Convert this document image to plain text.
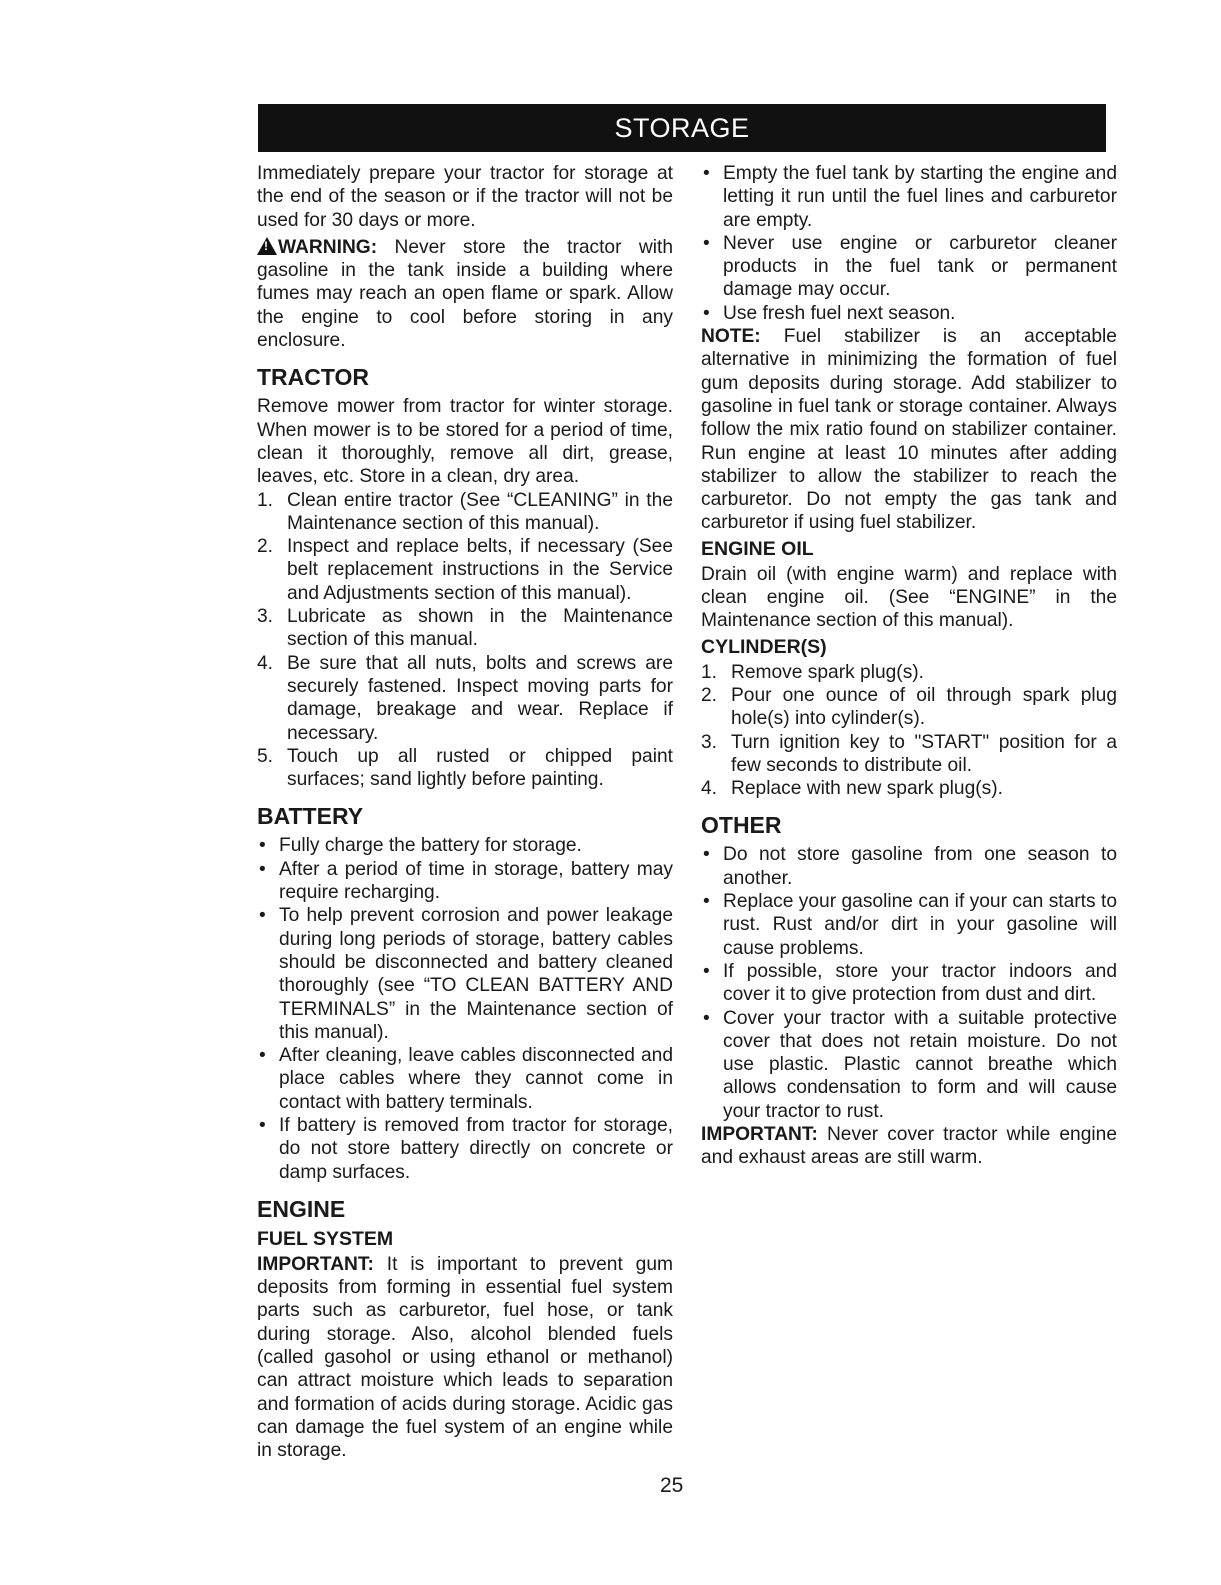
STORAGE

Immediately prepare your tractor for storage at the end of the season or if the tractor will not be used for 30 days or more.

!WARNING: Never store the tractor with gasoline in the tank inside a building where fumes may reach an open flame or spark. Allow the engine to cool before storing in any enclosure.

TRACTOR

Remove mower from tractor for winter storage. When mower is to be stored for a period of time, clean it thoroughly, remove all dirt, grease, leaves, etc. Store in a clean, dry area.

1. Clean entire tractor (See “CLEANING” in the Maintenance section of this manual).
2. Inspect and replace belts, if necessary (See belt replacement instructions in the Service and Adjustments section of this manual).
3. Lubricate as shown in the Maintenance section of this manual.
4. Be sure that all nuts, bolts and screws are securely fastened. Inspect moving parts for damage, breakage and wear. Replace if necessary.
5. Touch up all rusted or chipped paint surfaces; sand lightly before painting.
BATTERY
• Fully charge the battery for storage.
• After a period of time in storage, battery may require recharging.
• To help prevent corrosion and power leakage during long periods of storage, battery cables should be disconnected and battery cleaned thoroughly (see “TO CLEAN BATTERY AND TERMINALS” in the Maintenance section of this manual).
• After cleaning, leave cables disconnected and place cables where they cannot come in contact with battery terminals.
• If battery is removed from tractor for storage, do not store battery directly on concrete or damp surfaces.
ENGINE
FUEL SYSTEM

IMPORTANT: It is important to prevent gum deposits from forming in essential fuel system parts such as carburetor, fuel hose, or tank during storage. Also, alcohol blended fuels (called gasohol or using ethanol or methanol) can attract moisture which leads to separation and formation of acids during storage. Acidic gas can damage the fuel system of an engine while in storage.

• Empty the fuel tank by starting the engine and letting it run until the fuel lines and carburetor are empty.
• Never use engine or carburetor cleaner products in the fuel tank or permanent damage may occur.
• Use fresh fuel next season.

NOTE: Fuel stabilizer is an acceptable alternative in minimizing the formation of fuel gum deposits during storage. Add stabilizer to gasoline in fuel tank or storage container. Always follow the mix ratio found on stabilizer container. Run engine at least 10 minutes after adding stabilizer to allow the stabilizer to reach the carburetor. Do not empty the gas tank and carburetor if using fuel stabilizer.

ENGINE OIL

Drain oil (with engine warm) and replace with clean engine oil. (See “ENGINE” in the Maintenance section of this manual).

CYLINDER(S)
1. Remove spark plug(s).
2. Pour one ounce of oil through spark plug hole(s) into cylinder(s).
3. Turn ignition key to "START" position for a few seconds to distribute oil.
4. Replace with new spark plug(s).
OTHER
• Do not store gasoline from one season to another.
• Replace your gasoline can if your can starts to rust. Rust and/or dirt in your gasoline will cause problems.
• If possible, store your tractor indoors and cover it to give protection from dust and dirt.
• Cover your tractor with a suitable protective cover that does not retain moisture. Do not use plastic. Plastic cannot breathe which allows condensation to form and will cause your tractor to rust.

IMPORTANT: Never cover tractor while engine and exhaust areas are still warm.

25
